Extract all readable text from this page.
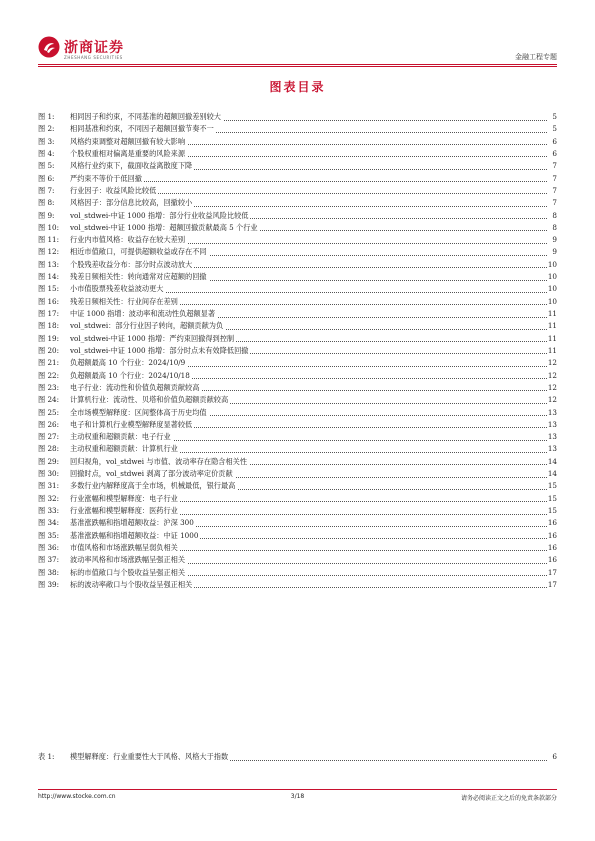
浙商证券
ZHESHANG SECURITIES	金融工程专题
图表目录
图 1:	相同因子和约束，不同基准的超额回撤差别较大	5
图 2:	相同基准和约束，不同因子超额回撤节奏不一	5
图 3:	风格约束调整对超额回撤有较大影响	6
图 4:	个股权重相对偏离是重要的风险来源	6
图 5:	风格行业约束下，截面收益离散度下降	7
图 6:	严约束不等价于低回撤	7
图 7:	行业因子：收益风险比较低	7
图 8:	风格因子：部分信息比较高，回撤较小	7
图 9:	vol_stdwei-中证 1000 指增：部分行业收益风险比较低	8
图 10:	vol_stdwei-中证 1000 指增：超额回撤贡献最高 5 个行业	8
图 11:	行业内市值风格：收益存在较大差别	9
图 12:	相近市值敞口，可提供超额收益或存在不同	9
图 13:	个股残差收益分布：部分时点波动放大	10
图 14:	残差日频相关性：转向通常对应超额的回撤	10
图 15:	小市值股票残差收益波动更大	10
图 16:	残差日频相关性：行业间存在差别	10
图 17:	中证 1000 指增：波动率和流动性负超额显著	11
图 18:	vol_stdwei：部分行业因子转向，超额贡献为负	11
图 19:	vol_stdwei-中证 1000 指增：严约束回撤得到控制	11
图 20:	vol_stdwei-中证 1000 指增：部分时点未有效降低回撤	11
图 21:	负超额最高 10 个行业：2024/10/9	12
图 22:	负超额最高 10 个行业：2024/10/18	12
图 23:	电子行业：流动性和价值负超额贡献较高	12
图 24:	计算机行业：流动性、贝塔和价值负超额贡献较高	12
图 25:	全市场模型解释度：区间整体高于历史均值	13
图 26:	电子和计算机行业模型解释度显著较低	13
图 27:	主动权重和超额贡献：电子行业	13
图 28:	主动权重和超额贡献：计算机行业	13
图 29:	回归视角，vol_stdwei 与市值、波动率存在隐含相关性	14
图 30:	回撤时点，vol_stdwei 剥离了部分波动率定价贡献	14
图 31:	多数行业内解释度高于全市场，机械最低，银行最高	15
图 32:	行业涨幅和模型解释度：电子行业	15
图 33:	行业涨幅和模型解释度：医药行业	15
图 34:	基准涨跌幅和指增超额收益：沪深 300	16
图 35:	基准涨跌幅和指增超额收益：中证 1000	16
图 36:	市值风格和市场涨跌幅呈弱负相关	16
图 37:	波动率风格和市场涨跌幅呈强正相关	16
图 38:	标的市值敞口与个股收益呈强正相关	17
图 39:	标的波动率敞口与个股收益呈强正相关	17
表 1:	模型解释度：行业重要性大于风格、风格大于指数	6
http://www.stocke.com.cn	3/18	请务必阅读正文之后的免责条款部分
